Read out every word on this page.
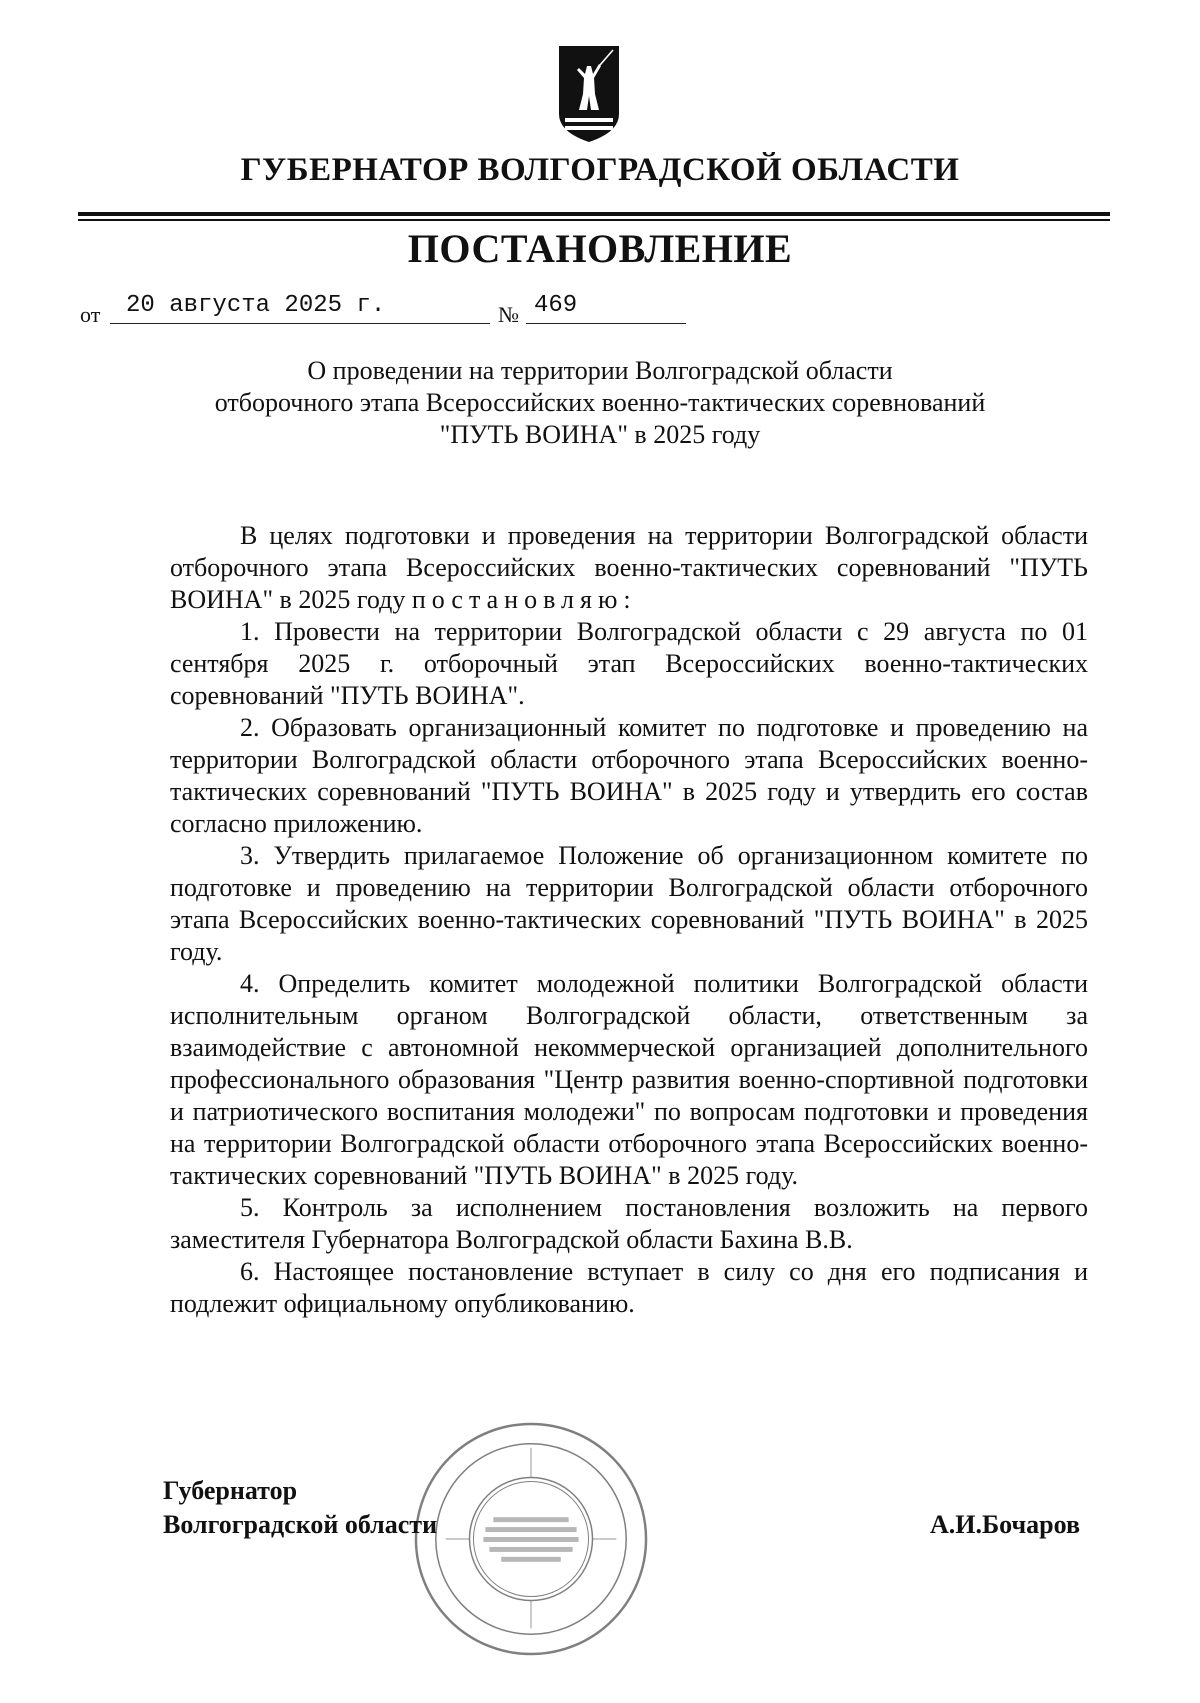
ГУБЕРНАТОР ВОЛГОГРАДСКОЙ ОБЛАСТИ
ПОСТАНОВЛЕНИЕ
от	20 августа 2025 г.	№ 469
О проведении на территории Волгоградской области
отборочного этапа Всероссийских военно-тактических соревнований
"ПУТЬ ВОИНА" в 2025 году

В целях подготовки и проведения на территории Волгоградской области отборочного этапа Всероссийских военно-тактических соревнований "ПУТЬ ВОИНА" в 2025 году постановляю:

1. Провести на территории Волгоградской области с 29 августа по 01 сентября 2025 г. отборочный этап Всероссийских военно-тактических соревнований "ПУТЬ ВОИНА".

2. Образовать организационный комитет по подготовке и проведению на территории Волгоградской области отборочного этапа Всероссийских военно-тактических соревнований "ПУТЬ ВОИНА" в 2025 году и утвердить его состав согласно приложению.

3. Утвердить прилагаемое Положение об организационном комитете по подготовке и проведению на территории Волгоградской области отборочного этапа Всероссийских военно-тактических соревнований "ПУТЬ ВОИНА" в 2025 году.

4. Определить комитет молодежной политики Волгоградской области исполнительным органом Волгоградской области, ответственным за взаимодействие с автономной некоммерческой организацией дополнительного профессионального образования "Центр развития военно-спортивной подготовки и патриотического воспитания молодежи" по вопросам подготовки и проведения на территории Волгоградской области отборочного этапа Всероссийских военно-тактических соревнований "ПУТЬ ВОИНА" в 2025 году.

5. Контроль за исполнением постановления возложить на первого заместителя Губернатора Волгоградской области Бахина В.В.

6. Настоящее постановление вступает в силу со дня его подписания и подлежит официальному опубликованию.

Губернатор
Волгоградской области	А.И.Бочаров
